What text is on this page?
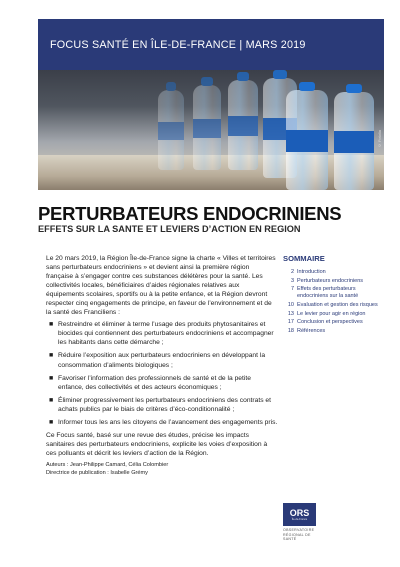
FOCUS SANTÉ EN ÎLE-DE-FRANCE | MARS 2019
© Fotolia
PERTURBATEURS ENDOCRINIENS
EFFETS SUR LA SANTE ET LEVIERS D’ACTION EN REGION

Le 20 mars 2019, la Région Île-de-France signe la charte « Villes et territoires sans perturbateurs endocriniens » et devient ainsi la première région française à s’engager contre ces substances délétères pour la santé. Les collectivités locales, bénéficiaires d’aides régionales relatives aux équipements scolaires, sportifs ou à la petite enfance, et la Région devront respecter cinq engagements de principe, en faveur de l’environnement et de la santé des Franciliens :

■ Restreindre et éliminer à terme l’usage des produits phytosanitaires et biocides qui contiennent des perturbateurs endocriniens et accompagner les habitants dans cette démarche ;
■ Réduire l’exposition aux perturbateurs endocriniens en développant la consommation d’aliments biologiques ;
■ Favoriser l’information des professionnels de santé et de la petite enfance, des collectivités et des acteurs économiques ;
■ Éliminer progressivement les perturbateurs endocriniens des contrats et achats publics par le biais de critères d’éco-conditionnalité ;
■ Informer tous les ans les citoyens de l’avancement des engagements pris.

Ce Focus santé, basé sur une revue des études, précise les impacts sanitaires des perturbateurs endocriniens, explicite les voies d’exposition à ces polluants et décrit les leviers d’action de la Région.

Auteurs : Jean-Philippe Camard, Célia Colombier
Directrice de publication : Isabelle Grémy
SOMMAIRE
2 Introduction
3 Perturbateurs endocriniens
7 Effets des perturbateurs endocriniens sur la santé
10 Evaluation et gestion des risques
13 Le levier pour agir en région
17 Conclusion et perspectives
18 Références
ORS
Île-de-France
OBSERVATOIRE RÉGIONAL DE SANTÉ
